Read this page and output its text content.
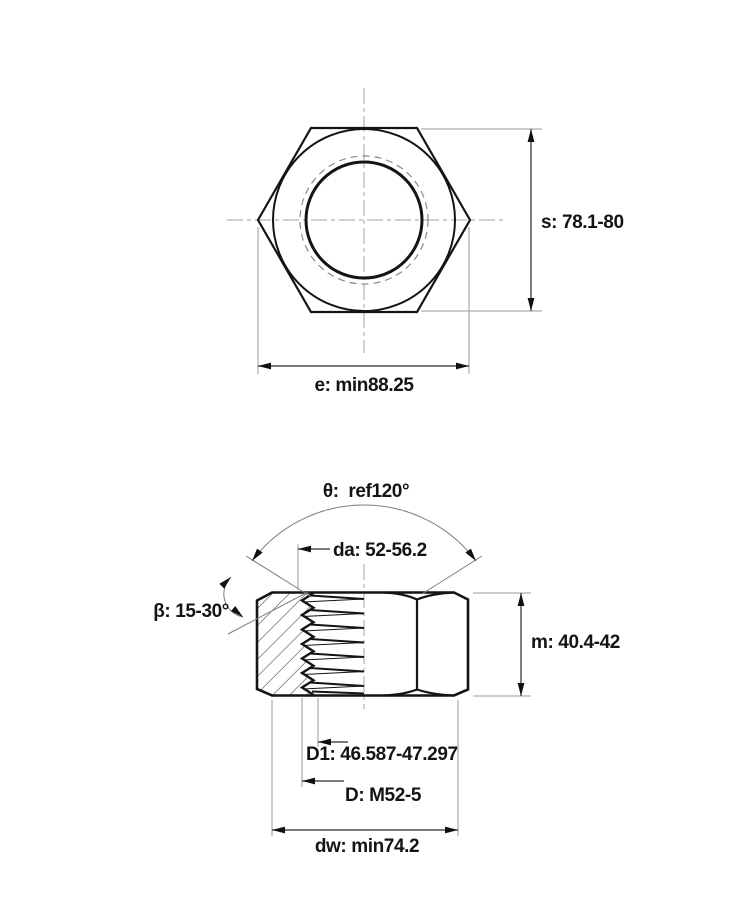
s: 78.1-80
e: min88.25
θ:  ref120°
da: 52-56.2
β: 15-30°
m: 40.4-42
D1: 46.587-47.297
D: M52-5
dw: min74.2
